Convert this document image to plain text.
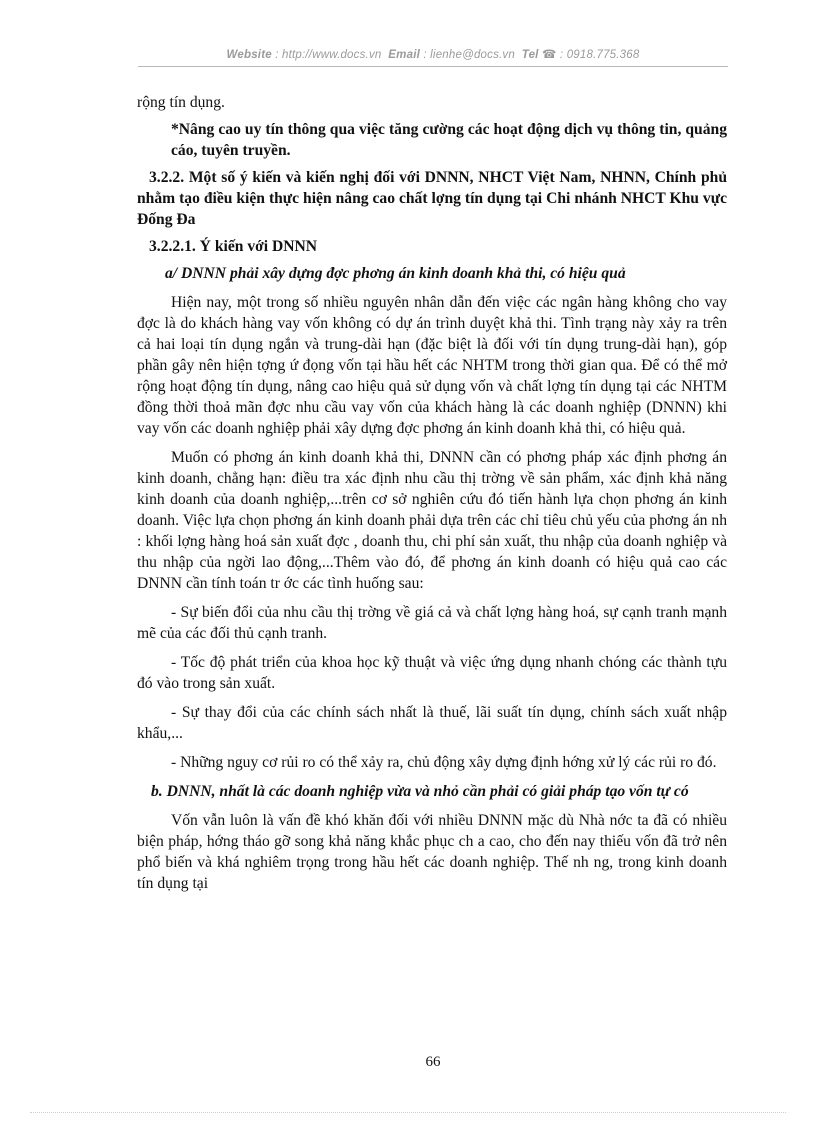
Website : http://www.docs.vn Email : lienhe@docs.vn Tel ☎ : 0918.775.368

rộng tín dụng.

*Nâng cao uy tín thông qua việc tăng cường các hoạt động dịch vụ thông tin, quảng cáo, tuyên truyền.

3.2.2. Một số ý kiến và kiến nghị đối với DNNN, NHCT Việt Nam, NHNN, Chính phủ nhằm tạo điều kiện thực hiện nâng cao chất lợng tín dụng tại Chi nhánh NHCT Khu vực Đống Đa

3.2.2.1. Ý kiến với DNNN

a/ DNNN phải xây dựng đợc phơng án kinh doanh khả thi, có hiệu quả

Hiện nay, một trong số nhiều nguyên nhân dẫn đến việc các ngân hàng không cho vay đợc là do khách hàng vay vốn không có dự án trình duyệt khả thi. Tình trạng này xảy ra trên cả hai loại tín dụng ngắn và trung-dài hạn (đặc biệt là đối với tín dụng trung-dài hạn), góp phần gây nên hiện tợng ứ đọng vốn tại hầu hết các NHTM trong thời gian qua. Để có thể mở rộng hoạt động tín dụng, nâng cao hiệu quả sử dụng vốn và chất lợng tín dụng tại các NHTM đồng thời thoả mãn đợc nhu cầu vay vốn của khách hàng là các doanh nghiệp (DNNN) khi vay vốn các doanh nghiệp phải xây dựng đợc phơng án kinh doanh khả thi, có hiệu quả.

Muốn có phơng án kinh doanh khả thi, DNNN cần có phơng pháp xác định phơng án kinh doanh, chẳng hạn: điều tra xác định nhu cầu thị trờng về sản phẩm, xác định khả năng kinh doanh của doanh nghiệp,...trên cơ sở nghiên cứu đó tiến hành lựa chọn phơng án kinh doanh. Việc lựa chọn phơng án kinh doanh phải dựa trên các chỉ tiêu chủ yếu của phơng án nh : khối lợng hàng hoá sản xuất đợc , doanh thu, chi phí sản xuất, thu nhập của doanh nghiệp và thu nhập của ngời lao động,...Thêm vào đó, để phơng án kinh doanh có hiệu quả cao các DNNN cần tính toán tr ớc các tình huống sau:

- Sự biến đổi của nhu cầu thị trờng về giá cả và chất lợng hàng hoá, sự cạnh tranh mạnh mẽ của các đối thủ cạnh tranh.

- Tốc độ phát triển của khoa học kỹ thuật và việc ứng dụng nhanh chóng các thành tựu đó vào trong sản xuất.

- Sự thay đổi của các chính sách nhất là thuế, lãi suất tín dụng, chính sách xuất nhập khẩu,...

- Những nguy cơ rủi ro có thể xảy ra, chủ động xây dựng định hớng xử lý các rủi ro đó.

b. DNNN, nhất là các doanh nghiệp vừa và nhỏ cần phải có giải pháp tạo vốn tự có

Vốn vẫn luôn là vấn đề khó khăn đối với nhiều DNNN mặc dù Nhà nớc ta đã có nhiều biện pháp, hớng tháo gỡ song khả năng khắc phục ch a cao, cho đến nay thiếu vốn đã trở nên phổ biến và khá nghiêm trọng trong hầu hết các doanh nghiệp. Thế nh ng, trong kinh doanh tín dụng tại

66
